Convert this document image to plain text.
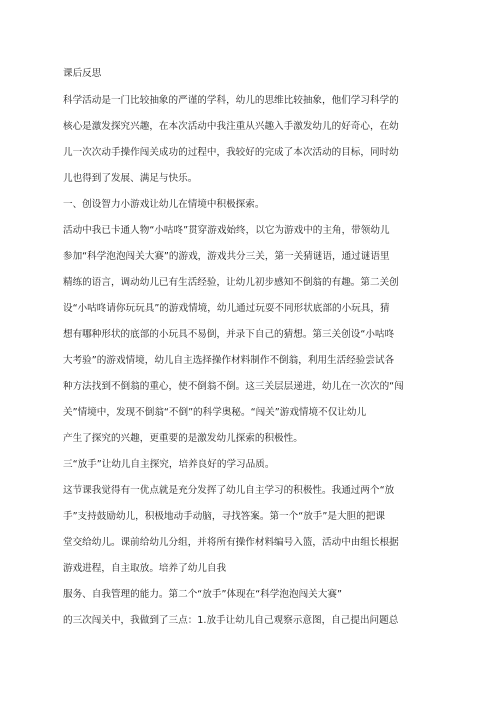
课后反思
科学活动是一门比较抽象的严谨的学科，幼儿的思维比较抽象，他们学习科学的
核心是激发探究兴趣，在本次活动中我注重从兴趣入手激发幼儿的好奇心，在幼
儿一次次动手操作闯关成功的过程中，我较好的完成了本次活动的目标，同时幼
儿也得到了发展、满足与快乐。
一、创设智力小游戏让幼儿在情境中积极探索。
活动中我已卡通人物“小咕咚”贯穿游戏始终，以它为游戏中的主角，带领幼儿
参加“科学泡泡闯关大赛”的游戏，游戏共分三关，第一关猜谜语，通过谜语里
精练的语言，调动幼儿已有生活经验，让幼儿初步感知不倒翁的有趣。第二关创
设“小咕咚请你玩玩具”的游戏情境，幼儿通过玩耍不同形状底部的小玩具，猜
想有哪种形状的底部的小玩具不易倒，并录下自己的猜想。第三关创设“小咕咚
大考验”的游戏情境，幼儿自主选择操作材料制作不倒翁，利用生活经验尝试各
种方法找到不倒翁的重心，使不倒翁不倒。这三关层层递进，幼儿在一次次的“闯
关”情境中，发现不倒翁“不倒”的科学奥秘。“闯关”游戏情境不仅让幼儿
产生了探究的兴趣，更重要的是激发幼儿探索的积极性。
三“放手”让幼儿自主探究，培养良好的学习品质。
这节课我觉得有一优点就是充分发挥了幼儿自主学习的积极性。我通过两个“放
手”支持鼓励幼儿，积极地动手动脑，寻找答案。第一个“放手”是大胆的把课
堂交给幼儿。课前给幼儿分组，并将所有操作材料编号入篮，活动中由组长根据
游戏进程，自主取放。培养了幼儿自我
服务、自我管理的能力。第二个“放手”体现在“科学泡泡闯关大赛”
的三次闯关中，我做到了三点：1.放手让幼儿自己观察示意图，自己提出问题总
